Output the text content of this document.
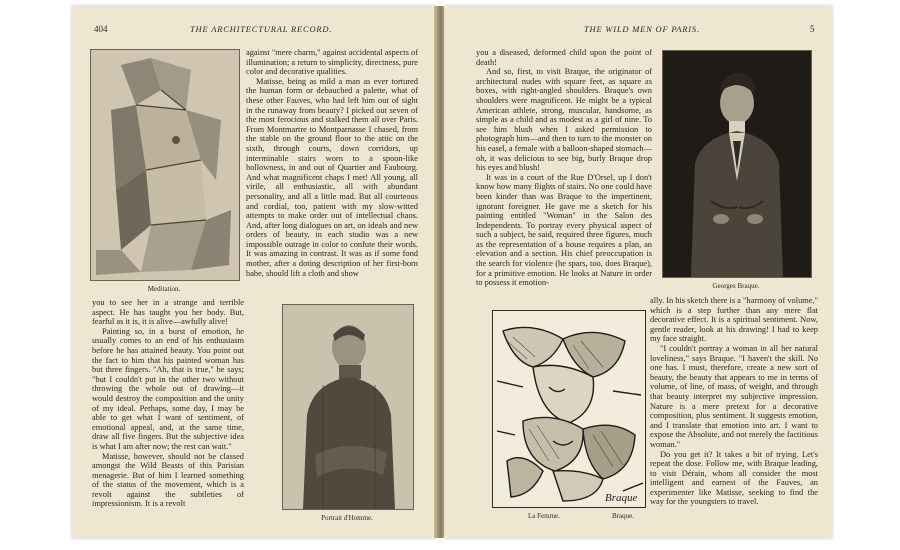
404	THE ARCHITECTURAL RECORD.
Meditation.

against "mere charm," against accidental aspects of illumination; a return to simplicity, directness, pure color and decorative qualities.

Matisse, being as mild a man as ever tortured the human form or debauched a palette, what of these other Fauves, who had left him out of sight in the runaway from beauty? I picked out seven of the most ferocious and stalked them all over Paris. From Montmartre to Montparnasse I chased, from the stable on the ground floor to the attic on the sixth, through courts, down corridors, up interminable stairs worn to a spoon-like hollowness, in and out of Quartier and Faubourg. And what magnificent chaps I met! All young, all virile, all enthusiastic, all with abundant personality, and all a little mad. But all courteous and cordial, too, patient with my slow-witted attempts to make order out of intellectual chaos. And, after long dialogues on art, on ideals and new orders of beauty, in each studio was a new impossible outrage in color to confute their words. It was amazing in contrast. It was as if some fond mother, after a doting description of her first-born babe, should lift a cloth and show

you to see her in a strange and terrible aspect. He has taught you her body. But, fearful as it is, it is alive—awfully alive!

Painting so, in a burst of emotion, he usually comes to an end of his enthusiasm before he has attained beauty. You point out the fact to him that his painted woman has but three fingers. "Ah, that is true," he says; "but I couldn't put in the other two without throwing the whole out of drawing—it would destroy the composition and the unity of my ideal. Perhaps, some day, I may be able to get what I want of sentiment, of emotional appeal, and, at the same time, draw all five fingers. But the subjective idea is what I am after now; the rest can wait."

Matisse, however, should not be classed amongst the Wild Beasts of this Parisian menagerie. But of him I learned something of the status of the movement, which is a revolt against the subtleties of impressionism. It is a revolt

Portrait d'Homme.
THE WILD MEN OF PARIS.	5

you a diseased, deformed child upon the point of death!

And so, first, to visit Braque, the originator of architectural nudes with square feet, as square as boxes, with right-angled shoulders. Braque's own shoulders were magnificent. He might be a typical American athlete, strong, muscular, handsome, as simple as a child and as modest as a girl of nine. To see him blush when I asked permission to photograph him—and then to turn to the monster on his easel, a female with a balloon-shaped stomach—oh, it was delicious to see big, burly Braque drop his eyes and blush!

It was in a court of the Rue D'Orsel, up I don't know how many flights of stairs. No one could have been kinder than was Braque to the impertinent, ignorant foreigner. He gave me a sketch for his painting entitled "Woman" in the Salon des Independents. To portray every physical aspect of such a subject, he said, required three figures, much as the representation of a house requires a plan, an elevation and a section. His chief preoccupation is the search for violence (he spars, too, does Braque), for a primitive emotion. He looks at Nature in order to possess it emotion-	Georges Braque.
Braque
La Femme.	Braque.

ally. In his sketch there is a "harmony of volume," which is a step further than any mere flat decorative effect. It is a spiritual sentiment. Now, gentle reader, look at his drawing! I had to keep my face straight.

"I couldn't portray a woman in all her natural loveliness," says Braque. "I haven't the skill. No one has. I must, therefore, create a new sort of beauty, the beauty that appears to me in terms of volume, of line, of mass, of weight, and through that beauty interpret my subjective impression. Nature is a mere pretext for a decorative composition, plus sentiment. It suggests emotion, and I translate that emotion into art. I want to expose the Absolute, and not merely the factitious woman."

Do you get it? It takes a bit of trying. Let's repeat the dose. Follow me, with Braque leading, to visit Dérain, whom all consider the most intelligent and earnest of the Fauves, an experimenter like Matisse, seeking to find the way for the youngsters to travel.
